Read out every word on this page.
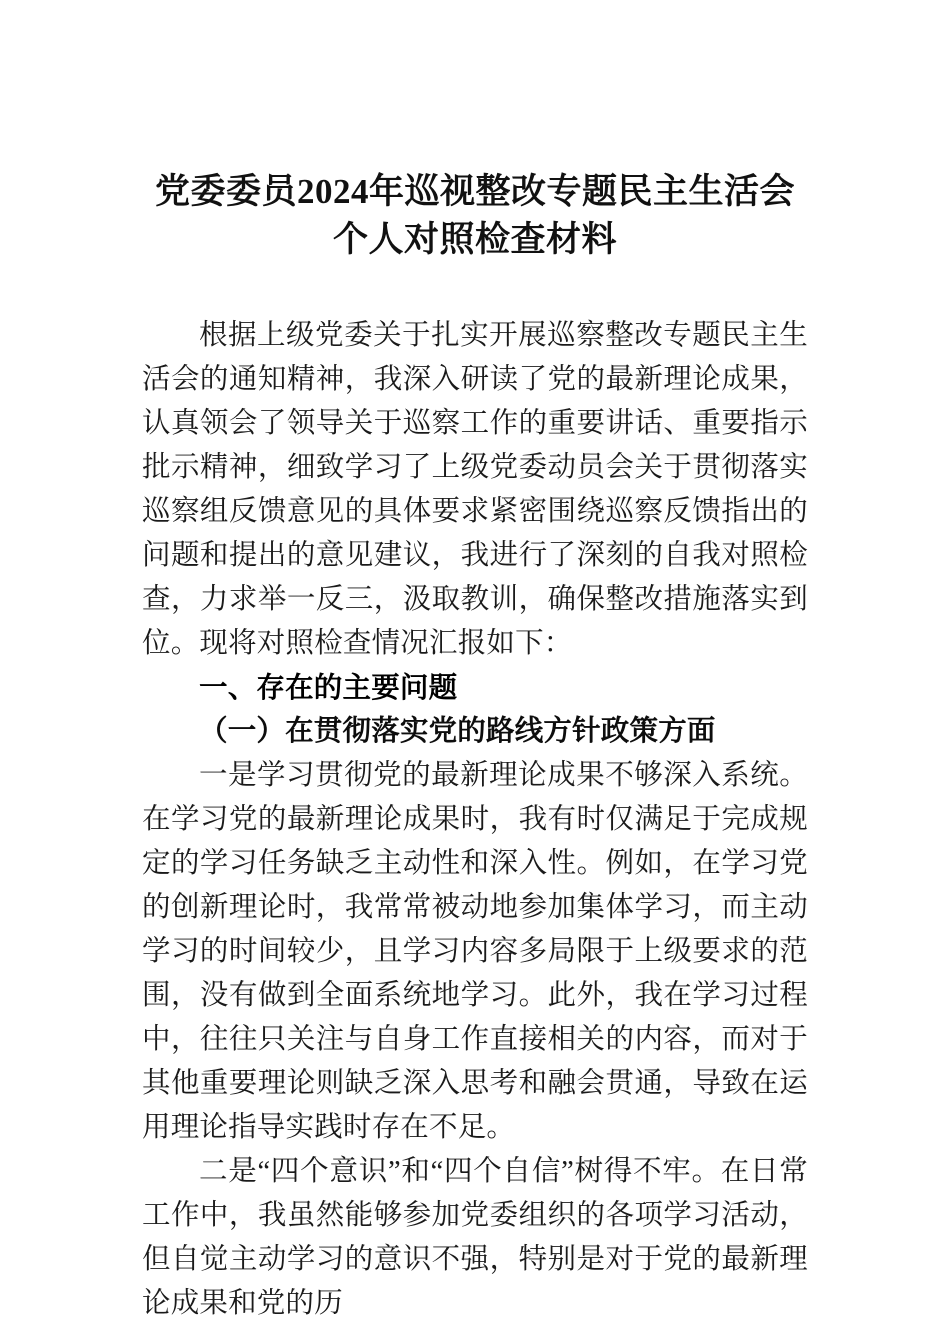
党委委员2024年巡视整改专题民主生活会 个人对照检查材料

根据上级党委关于扎实开展巡察整改专题民主生活会的通知精神，我深入研读了党的最新理论成果，认真领会了领导关于巡察工作的重要讲话、重要指示批示精神，细致学习了上级党委动员会关于贯彻落实巡察组反馈意见的具体要求紧密围绕巡察反馈指出的问题和提出的意见建议，我进行了深刻的自我对照检查，力求举一反三，汲取教训，确保整改措施落实到位。现将对照检查情况汇报如下：

一、存在的主要问题

（一）在贯彻落实党的路线方针政策方面

一是学习贯彻党的最新理论成果不够深入系统。在学习党的最新理论成果时，我有时仅满足于完成规定的学习任务缺乏主动性和深入性。例如，在学习党的创新理论时，我常常被动地参加集体学习，而主动学习的时间较少，且学习内容多局限于上级要求的范围，没有做到全面系统地学习。此外，我在学习过程中，往往只关注与自身工作直接相关的内容，而对于其他重要理论则缺乏深入思考和融会贯通，导致在运用理论指导实践时存在不足。

二是“四个意识”和“四个自信”树得不牢。在日常工作中，我虽然能够参加党委组织的各项学习活动，但自觉主动学习的意识不强，特别是对于党的最新理论成果和党的历
